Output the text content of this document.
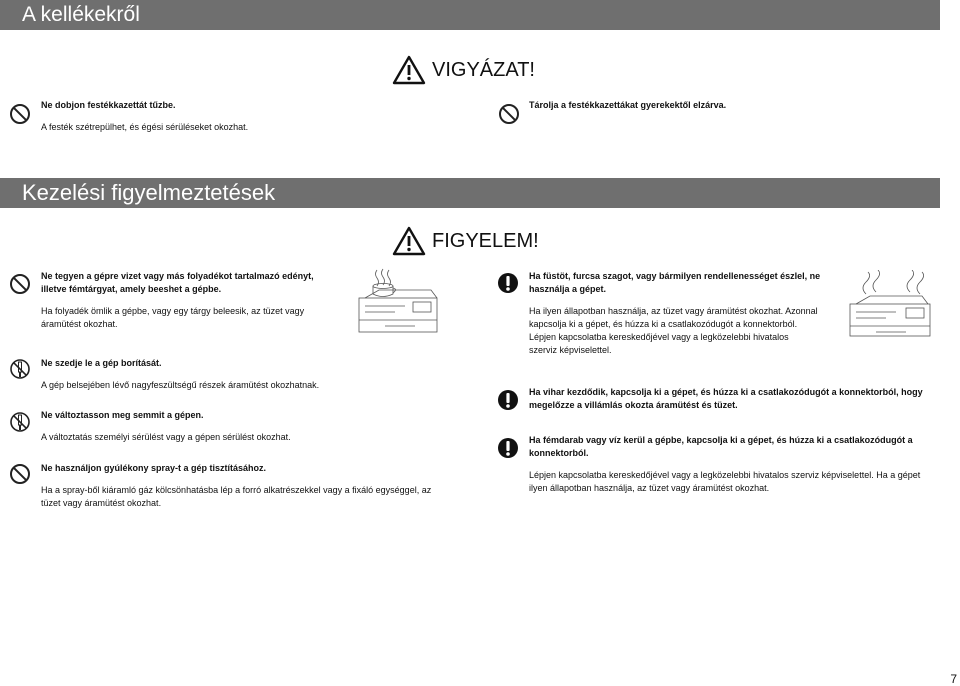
A kellékekről
VIGYÁZAT!
Ne dobjon festékkazettát tűzbe.
A festék szétrepülhet, és égési sérüléseket okozhat.
Tárolja a festékkazettákat gyerekektől elzárva.
Kezelési figyelmeztetések
FIGYELEM!
Ne tegyen a gépre vizet vagy más folyadékot tartalmazó edényt, illetve fémtárgyat, amely beeshet a gépbe.
Ha folyadék ömlik a gépbe, vagy egy tárgy beleesik, az tüzet vagy áramütést okozhat.
Ne szedje le a gép borítását.
A gép belsejében lévő nagyfeszültségű részek áramütést okozhatnak.
Ne változtasson meg semmit a gépen.
A változtatás személyi sérülést vagy a gépen sérülést okozhat.
Ne használjon gyúlékony spray-t a gép tisztításához.
Ha a spray-ből kiáramló gáz kölcsönhatásba lép a forró alkatrészekkel vagy a fixáló egységgel, az tüzet vagy áramütést okozhat.
Ha füstöt, furcsa szagot, vagy bármilyen rendellenességet észlel, ne használja a gépet.
Ha ilyen állapotban használja, az tüzet vagy áramütést okozhat. Azonnal kapcsolja ki a gépet, és húzza ki a csatlakozódugót a konnektorból. Lépjen kapcsolatba kereskedőjével vagy a legközelebbi hivatalos szerviz képviselettel.
Ha vihar kezdődik, kapcsolja ki a gépet, és húzza ki a csatlakozódugót a konnektorból, hogy megelőzze a villámlás okozta áramütést és tüzet.
Ha fémdarab vagy víz kerül a gépbe, kapcsolja ki a gépet, és húzza ki a csatlakozódugót a konnektorból.
Lépjen kapcsolatba kereskedőjével vagy a legközelebbi hivatalos szerviz képviselettel. Ha a gépet ilyen állapotban használja, az tüzet vagy áramütést okozhat.
7
